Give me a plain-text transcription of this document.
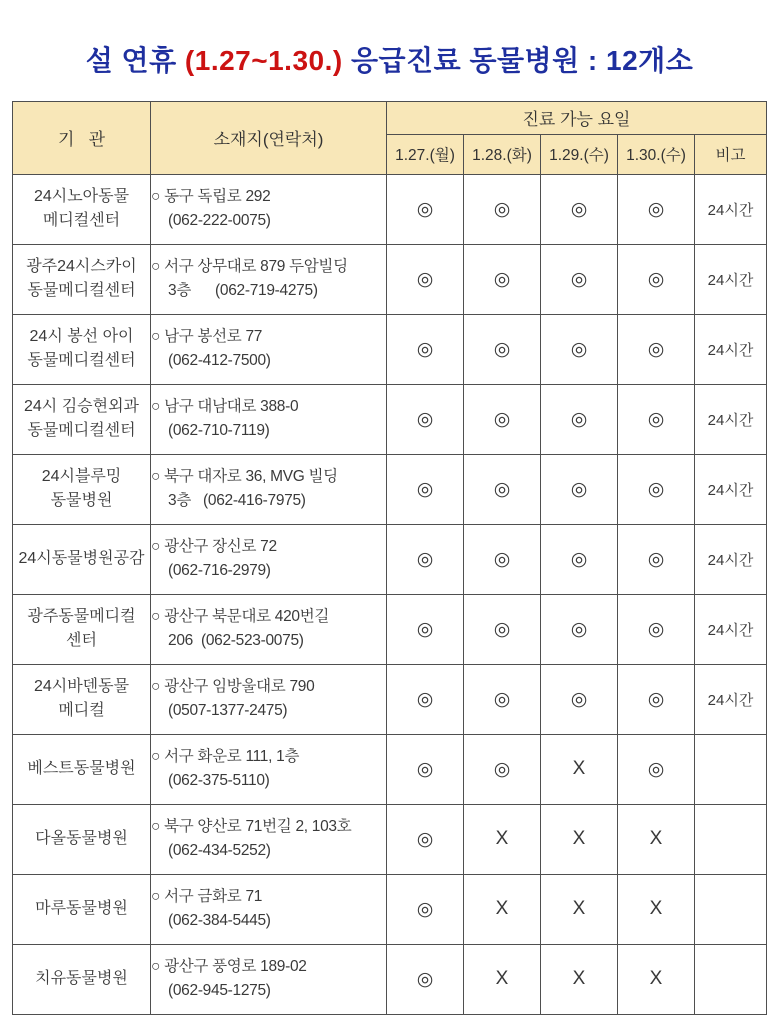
설 연휴 (1.27~1.30.) 응급진료 동물병원 : 12개소
기   관	소재지(연락처)	진료 가능 요일				
		1.27.(월)	1.28.(화)	1.29.(수)	1.30.(수)	비고
24시노아동물
메디컬센터	
○ 동구 독립로 292
(062-222-0075)
	◎	◎	◎	◎	24시간
광주24시스카이
동물메디컬센터	
○ 서구 상무대로 879 두암빌딩
3층      (062-719-4275)
	◎	◎	◎	◎	24시간
24시 봉선 아이
동물메디컬센터	
○ 남구 봉선로 77
(062-412-7500)
	◎	◎	◎	◎	24시간
24시 김승현외과
동물메디컬센터	
○ 남구 대남대로 388-0
(062-710-7119)
	◎	◎	◎	◎	24시간
24시블루밍
동물병원	
○ 북구 대자로 36, MVG 빌딩
3층   (062-416-7975)
	◎	◎	◎	◎	24시간
24시동물병원공감	○ 광산구 장신로 72
(062-716-2979)	◎	◎	◎	◎	24시간
광주동물메디컬
센터	
○ 광산구 북문대로 420번길
206  (062-523-0075)
	◎	◎	◎	◎	24시간
24시바덴동물
메디컬	
○ 광산구 임방울대로 790
(0507-1377-2475)
	◎	◎	◎	◎	24시간
베스트동물병원	○ 서구 화운로 111, 1층
(062-375-5110)	◎	◎	X	◎	
다올동물병원	○ 북구 양산로 71번길 2, 103호
(062-434-5252)	◎	X	X	X	
마루동물병원	○ 서구 금화로 71
(062-384-5445)	◎	X	X	X	
치유동물병원	○ 광산구 풍영로 189-02
(062-945-1275)	◎	X	X	X	
